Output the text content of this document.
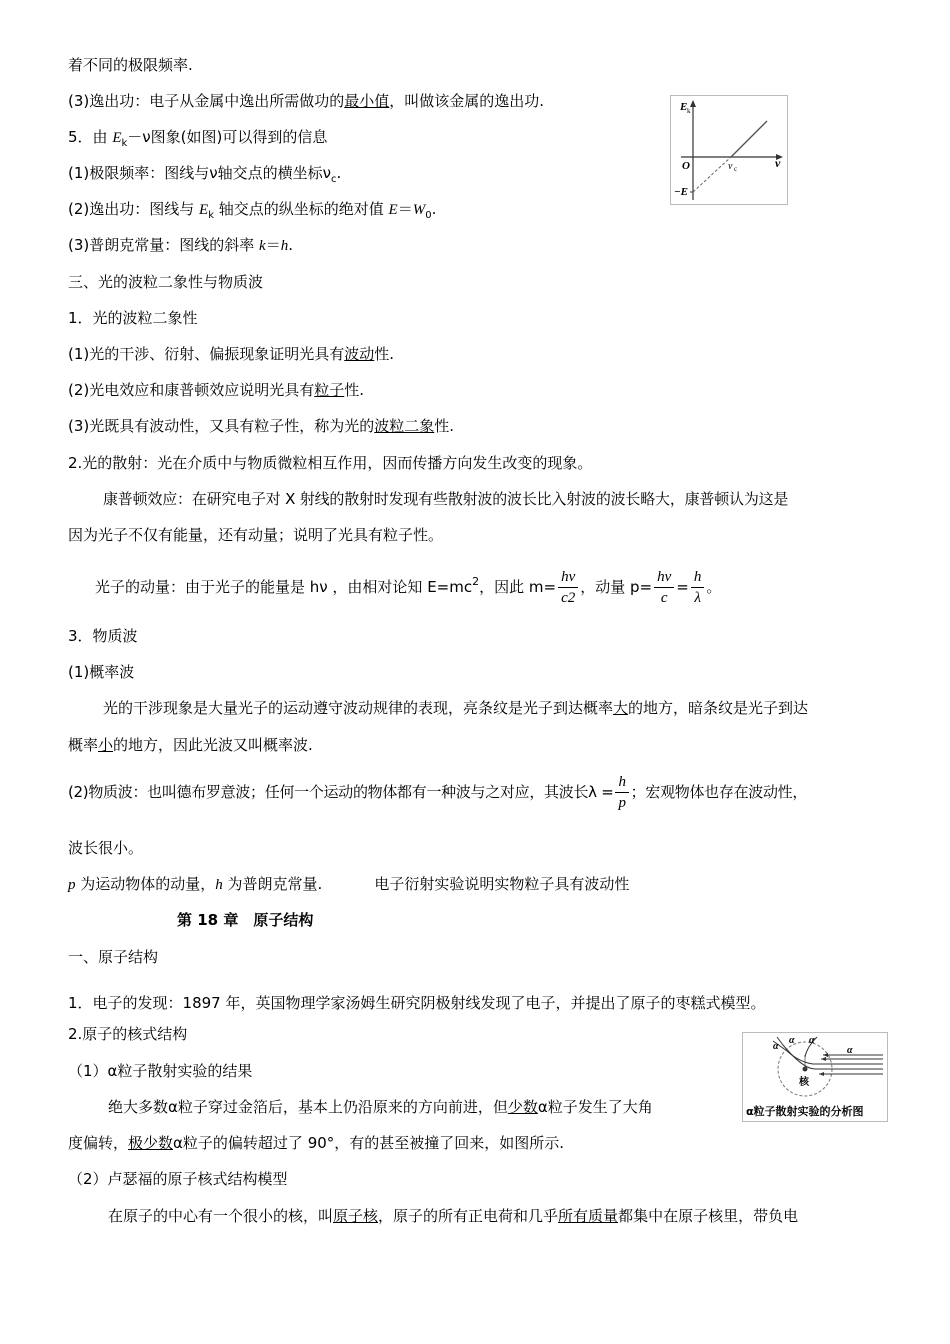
着不同的极限频率.
(3)逸出功：电子从金属中逸出所需做功的最小值，叫做该金属的逸出功.
5．由 $E_k-\nu$图象(如图)可以得到的信息
(1)极限频率：图线与ν轴交点的横坐标$\nu_c$.
(2)逸出功：图线与 $E_k$ 轴交点的纵坐标的绝对值 $E=W_0$.
(3)普朗克常量：图线的斜率 k＝h.
三、光的波粒二象性与物质波
1．光的波粒二象性
(1)光的干涉、衍射、偏振现象证明光具有波动性.
(2)光电效应和康普顿效应说明光具有粒子性.
(3)光既具有波动性，又具有粒子性，称为光的波粒二象性.
2.光的散射：光在介质中与物质微粒相互作用，因而传播方向发生改变的现象。
康普顿效应：在研究电子对 X 射线的散射时发现有些散射波的波长比入射波的波长略大，康普顿认为这是
因为光子不仅有能量，还有动量；说明了光具有粒子性。
光子的动量：由于光子的能量是 hν ，由相对论知 $E=mc^2$，因此 $m= \frac{h\nu}{c2}$ ，动量 $p= \frac{h\nu}{c} = \frac{h}{\lambda}$ 。
3．物质波
(1)概率波
光的干涉现象是大量光子的运动遵守波动规律的表现，亮条纹是光子到达概率大的地方，暗条纹是光子到达
概率小的地方，因此光波又叫概率波.
(2)物质波：也叫德布罗意波；任何一个运动的物体都有一种波与之对应，其波长$\lambda = \frac{h}{p}$ ；宏观物体也存在波动性，
波长很小。
p 为运动物体的动量，h 为普朗克常量.	电子衍射实验说明实物粒子具有波动性
第 18 章　原子结构
一、原子结构
1．电子的发现：1897 年，英国物理学家汤姆生研究阴极射线发现了电子，并提出了原子的枣糕式模型。
2.原子的核式结构
（1）α粒子散射实验的结果
绝大多数α粒子穿过金箔后，基本上仍沿原来的方向前进，但少数α粒子发生了大角
度偏转，极少数α粒子的偏转超过了 90°，有的甚至被撞了回来，如图所示.
（2）卢瑟福的原子核式结构模型
在原子的中心有一个很小的核，叫原子核，原子的所有正电荷和几乎所有质量都集中在原子核里，带负电
E k
ν
O	ν c
−E
α
α α
α
核
α粒子散射实验的分析图
